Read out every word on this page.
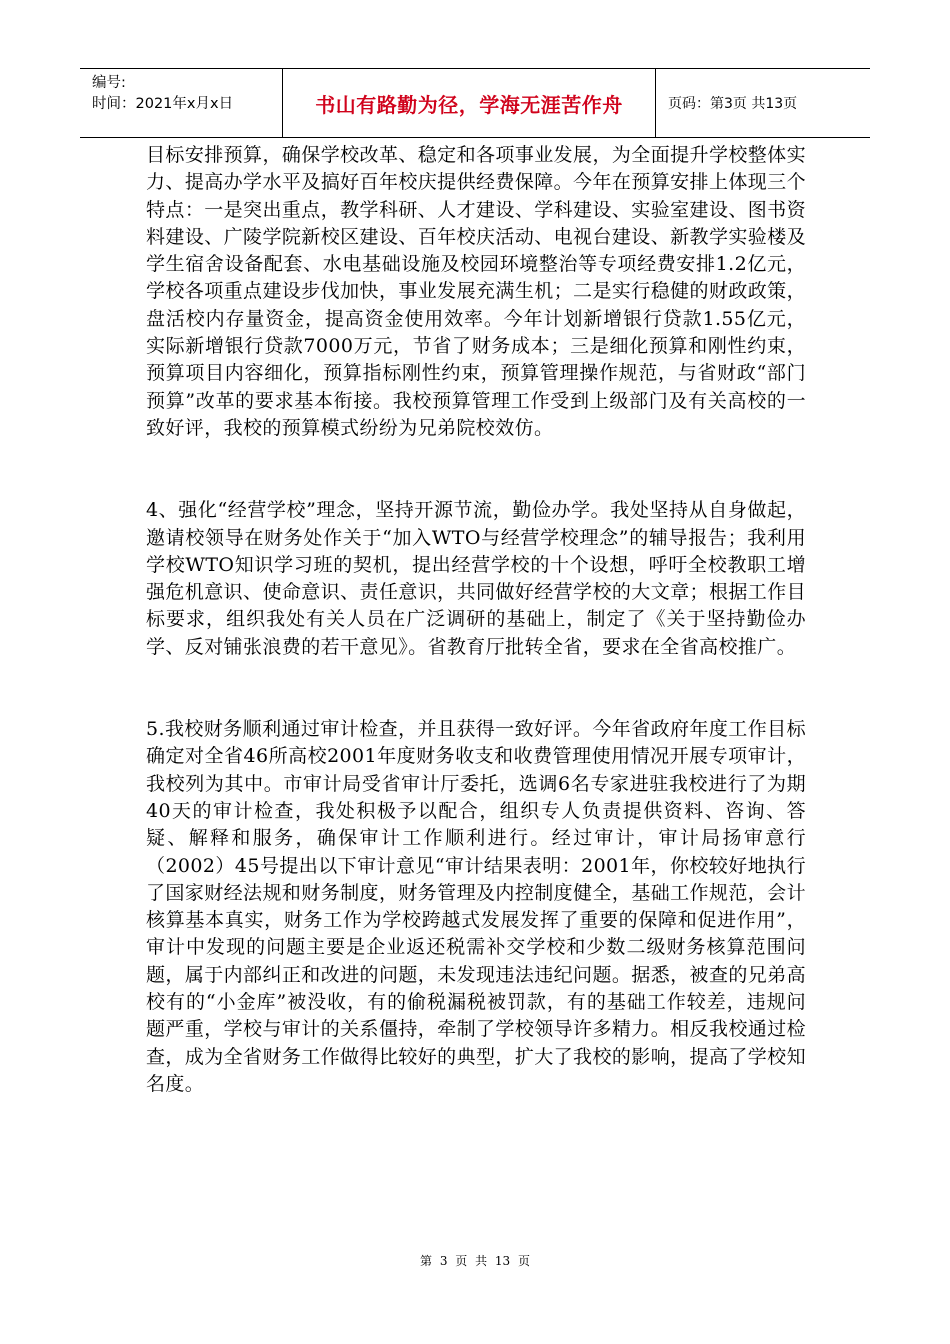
编号:
时间：2021年x月x日	书山有路勤为径，学海无涯苦作舟	页码：第3页 共13页

目标安排预算，确保学校改革、稳定和各项事业发展，为全面提升学校整体实力、提高办学水平及搞好百年校庆提供经费保障。今年在预算安排上体现三个特点：一是突出重点，教学科研、人才建设、学科建设、实验室建设、图书资料建设、广陵学院新校区建设、百年校庆活动、电视台建设、新教学实验楼及学生宿舍设备配套、水电基础设施及校园环境整治等专项经费安排1.2亿元，学校各项重点建设步伐加快，事业发展充满生机；二是实行稳健的财政政策，盘活校内存量资金，提高资金使用效率。今年计划新增银行贷款1.55亿元，实际新增银行贷款7000万元，节省了财务成本；三是细化预算和刚性约束，预算项目内容细化，预算指标刚性约束，预算管理操作规范，与省财政“部门预算”改革的要求基本衔接。我校预算管理工作受到上级部门及有关高校的一致好评，我校的预算模式纷纷为兄弟院校效仿。

4、强化“经营学校”理念，坚持开源节流，勤俭办学。我处坚持从自身做起，邀请校领导在财务处作关于“加入WTO与经营学校理念”的辅导报告；我利用学校WTO知识学习班的契机，提出经营学校的十个设想，呼吁全校教职工增强危机意识、使命意识、责任意识，共同做好经营学校的大文章；根据工作目标要求，组织我处有关人员在广泛调研的基础上，制定了《关于坚持勤俭办学、反对铺张浪费的若干意见》。省教育厅批转全省，要求在全省高校推广。

5.我校财务顺利通过审计检查，并且获得一致好评。今年省政府年度工作目标确定对全省46所高校2001年度财务收支和收费管理使用情况开展专项审计，我校列为其中。市审计局受省审计厅委托，选调6名专家进驻我校进行了为期40天的审计检查，我处积极予以配合，组织专人负责提供资料、咨询、答疑、解释和服务，确保审计工作顺利进行。经过审计，审计局扬审意行（2002）45号提出以下审计意见“审计结果表明：2001年，你校较好地执行了国家财经法规和财务制度，财务管理及内控制度健全，基础工作规范，会计核算基本真实，财务工作为学校跨越式发展发挥了重要的保障和促进作用”，审计中发现的问题主要是企业返还税需补交学校和少数二级财务核算范围问题，属于内部纠正和改进的问题，未发现违法违纪问题。据悉，被查的兄弟高校有的“小金库”被没收，有的偷税漏税被罚款，有的基础工作较差，违规问题严重，学校与审计的关系僵持，牵制了学校领导许多精力。相反我校通过检查，成为全省财务工作做得比较好的典型，扩大了我校的影响，提高了学校知名度。

第 3 页 共 13 页
